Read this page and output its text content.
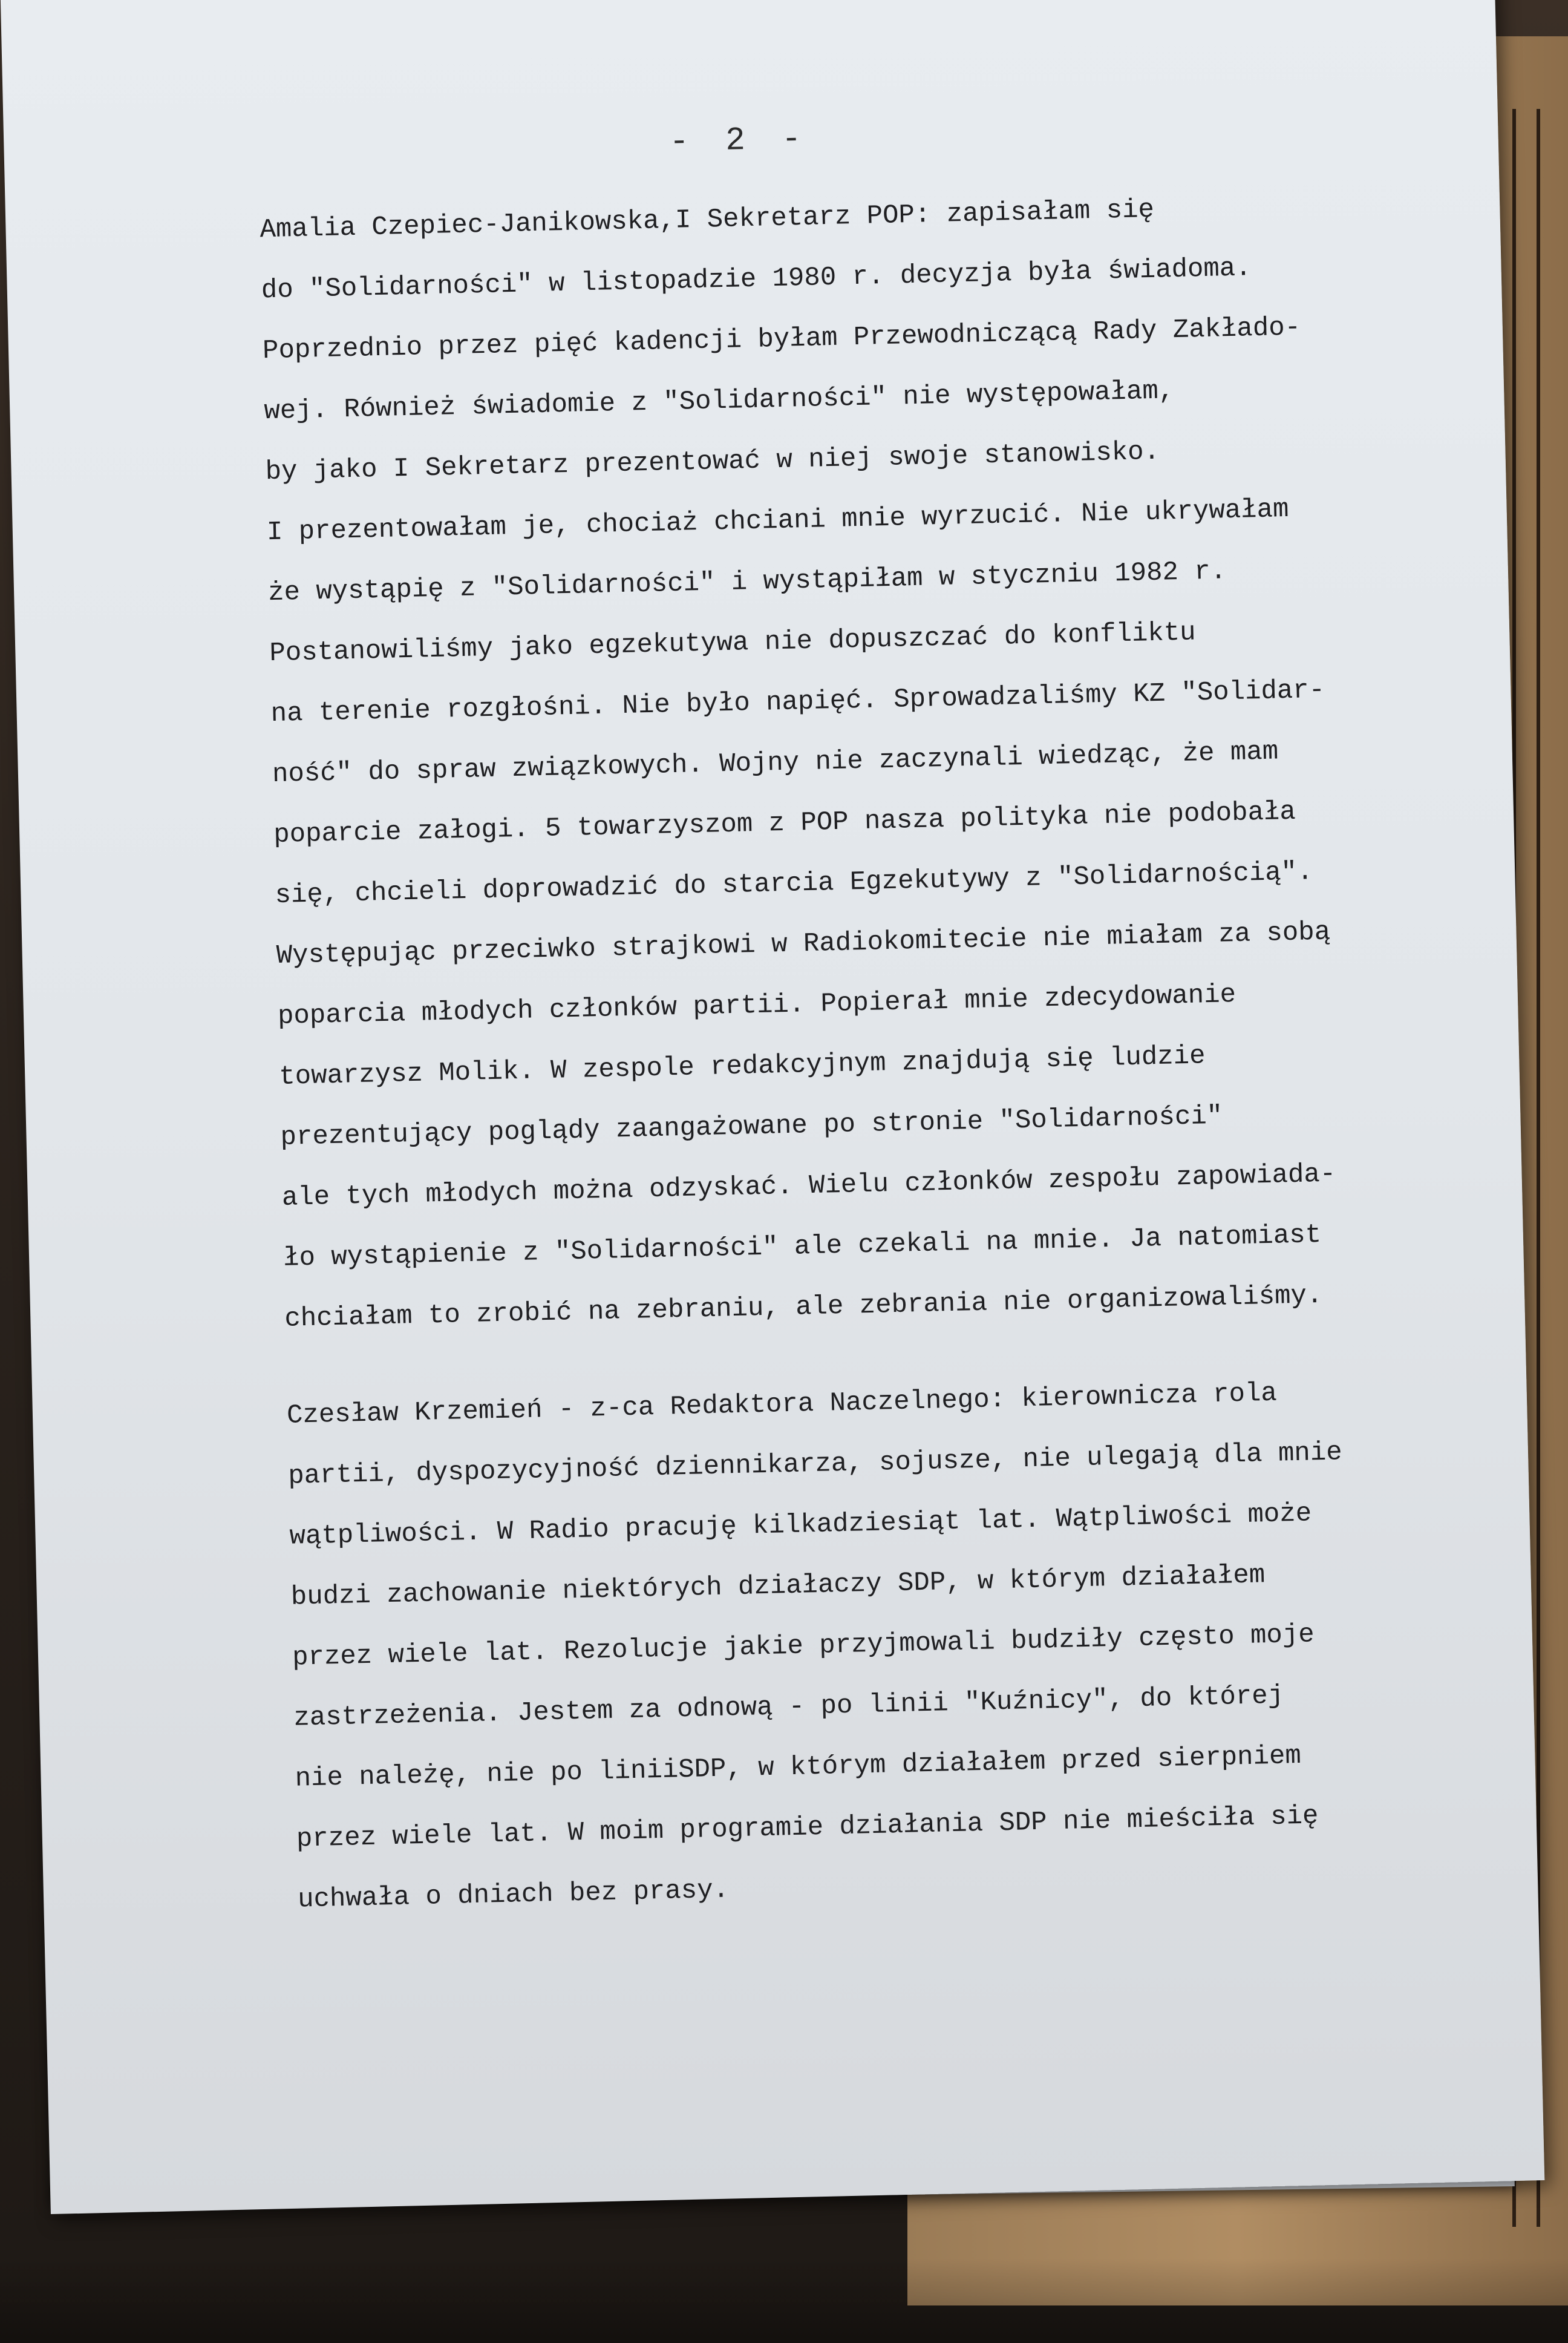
- 2 -
Amalia Czepiec-Janikowska,I Sekretarz POP: zapisałam się
do "Solidarności" w listopadzie 1980 r. decyzja była świadoma.
Poprzednio przez pięć kadencji byłam Przewodniczącą Rady Zakłado-
wej. Również świadomie z "Solidarności" nie występowałam,
by jako I Sekretarz prezentować w niej swoje stanowisko.
I prezentowałam je, chociaż chciani mnie wyrzucić. Nie ukrywałam
że wystąpię z "Solidarności" i wystąpiłam w styczniu 1982 r.
Postanowiliśmy jako egzekutywa nie dopuszczać do konfliktu
na terenie rozgłośni. Nie było napięć. Sprowadzaliśmy KZ "Solidar-
ność" do spraw związkowych. Wojny nie zaczynali wiedząc, że mam
poparcie załogi. 5 towarzyszom z POP nasza polityka nie podobała
się, chcieli doprowadzić do starcia Egzekutywy z "Solidarnością".
Występując przeciwko strajkowi w Radiokomitecie nie miałam za sobą
poparcia młodych członków partii. Popierał mnie zdecydowanie
towarzysz Molik. W zespole redakcyjnym znajdują się ludzie
prezentujący poglądy zaangażowane po stronie "Solidarności"
ale tych młodych można odzyskać. Wielu członków zespołu zapowiada-
ło wystąpienie z "Solidarności" ale czekali na mnie. Ja natomiast
chciałam to zrobić na zebraniu, ale zebrania nie organizowaliśmy.
Czesław Krzemień - z-ca Redaktora Naczelnego: kierownicza rola
partii, dyspozycyjność dziennikarza, sojusze, nie ulegają dla mnie
wątpliwości. W Radio pracuję kilkadziesiąt lat. Wątpliwości może
budzi zachowanie niektórych działaczy SDP, w którym działałem
przez wiele lat. Rezolucje jakie przyjmowali budziły często moje
zastrzeżenia. Jestem za odnową - po linii "Kuźnicy", do której
nie należę, nie po liniiSDP, w którym działałem przed sierpniem
przez wiele lat. W moim programie działania SDP nie mieściła się
uchwała o dniach bez prasy.
